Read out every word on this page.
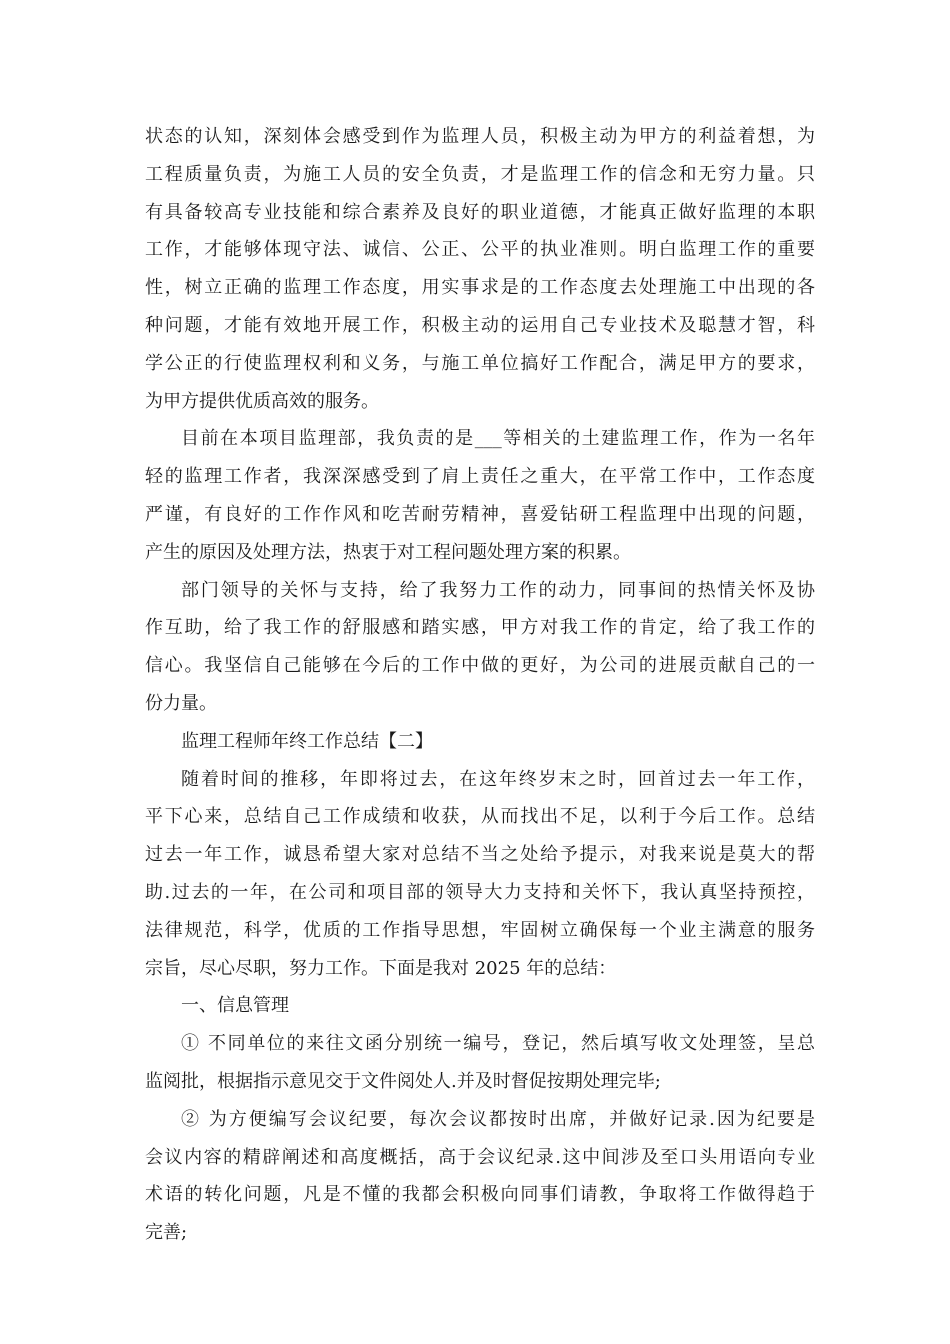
状态的认知，深刻体会感受到作为监理人员，积极主动为甲方的利益着想，为
工程质量负责，为施工人员的安全负责，才是监理工作的信念和无穷力量。只
有具备较高专业技能和综合素养及良好的职业道德，才能真正做好监理的本职
工作，才能够体现守法、诚信、公正、公平的执业准则。明白监理工作的重要
性，树立正确的监理工作态度，用实事求是的工作态度去处理施工中出现的各
种问题，才能有效地开展工作，积极主动的运用自己专业技术及聪慧才智，科
学公正的行使监理权利和义务，与施工单位搞好工作配合，满足甲方的要求，
为甲方提供优质高效的服务。
目前在本项目监理部，我负责的是___等相关的土建监理工作，作为一名年
轻的监理工作者，我深深感受到了肩上责任之重大，在平常工作中，工作态度
严谨，有良好的工作作风和吃苦耐劳精神，喜爱钻研工程监理中出现的问题，
产生的原因及处理方法，热衷于对工程问题处理方案的积累。
部门领导的关怀与支持，给了我努力工作的动力，同事间的热情关怀及协
作互助，给了我工作的舒服感和踏实感，甲方对我工作的肯定，给了我工作的
信心。我坚信自己能够在今后的工作中做的更好，为公司的进展贡献自己的一
份力量。
监理工程师年终工作总结【二】
随着时间的推移，年即将过去，在这年终岁末之时，回首过去一年工作，
平下心来，总结自己工作成绩和收获，从而找出不足，以利于今后工作。总结
过去一年工作，诚恳希望大家对总结不当之处给予提示，对我来说是莫大的帮
助.过去的一年，在公司和项目部的领导大力支持和关怀下，我认真坚持预控，
法律规范，科学，优质的工作指导思想，牢固树立确保每一个业主满意的服务
宗旨，尽心尽职，努力工作。下面是我对 2025 年的总结：
一、信息管理
① 不同单位的来往文函分别统一编号，登记，然后填写收文处理签，呈总
监阅批，根据指示意见交于文件阅处人.并及时督促按期处理完毕;
② 为方便编写会议纪要，每次会议都按时出席，并做好记录.因为纪要是
会议内容的精辟阐述和高度概括，高于会议纪录.这中间涉及至口头用语向专业
术语的转化问题，凡是不懂的我都会积极向同事们请教，争取将工作做得趋于
完善;
